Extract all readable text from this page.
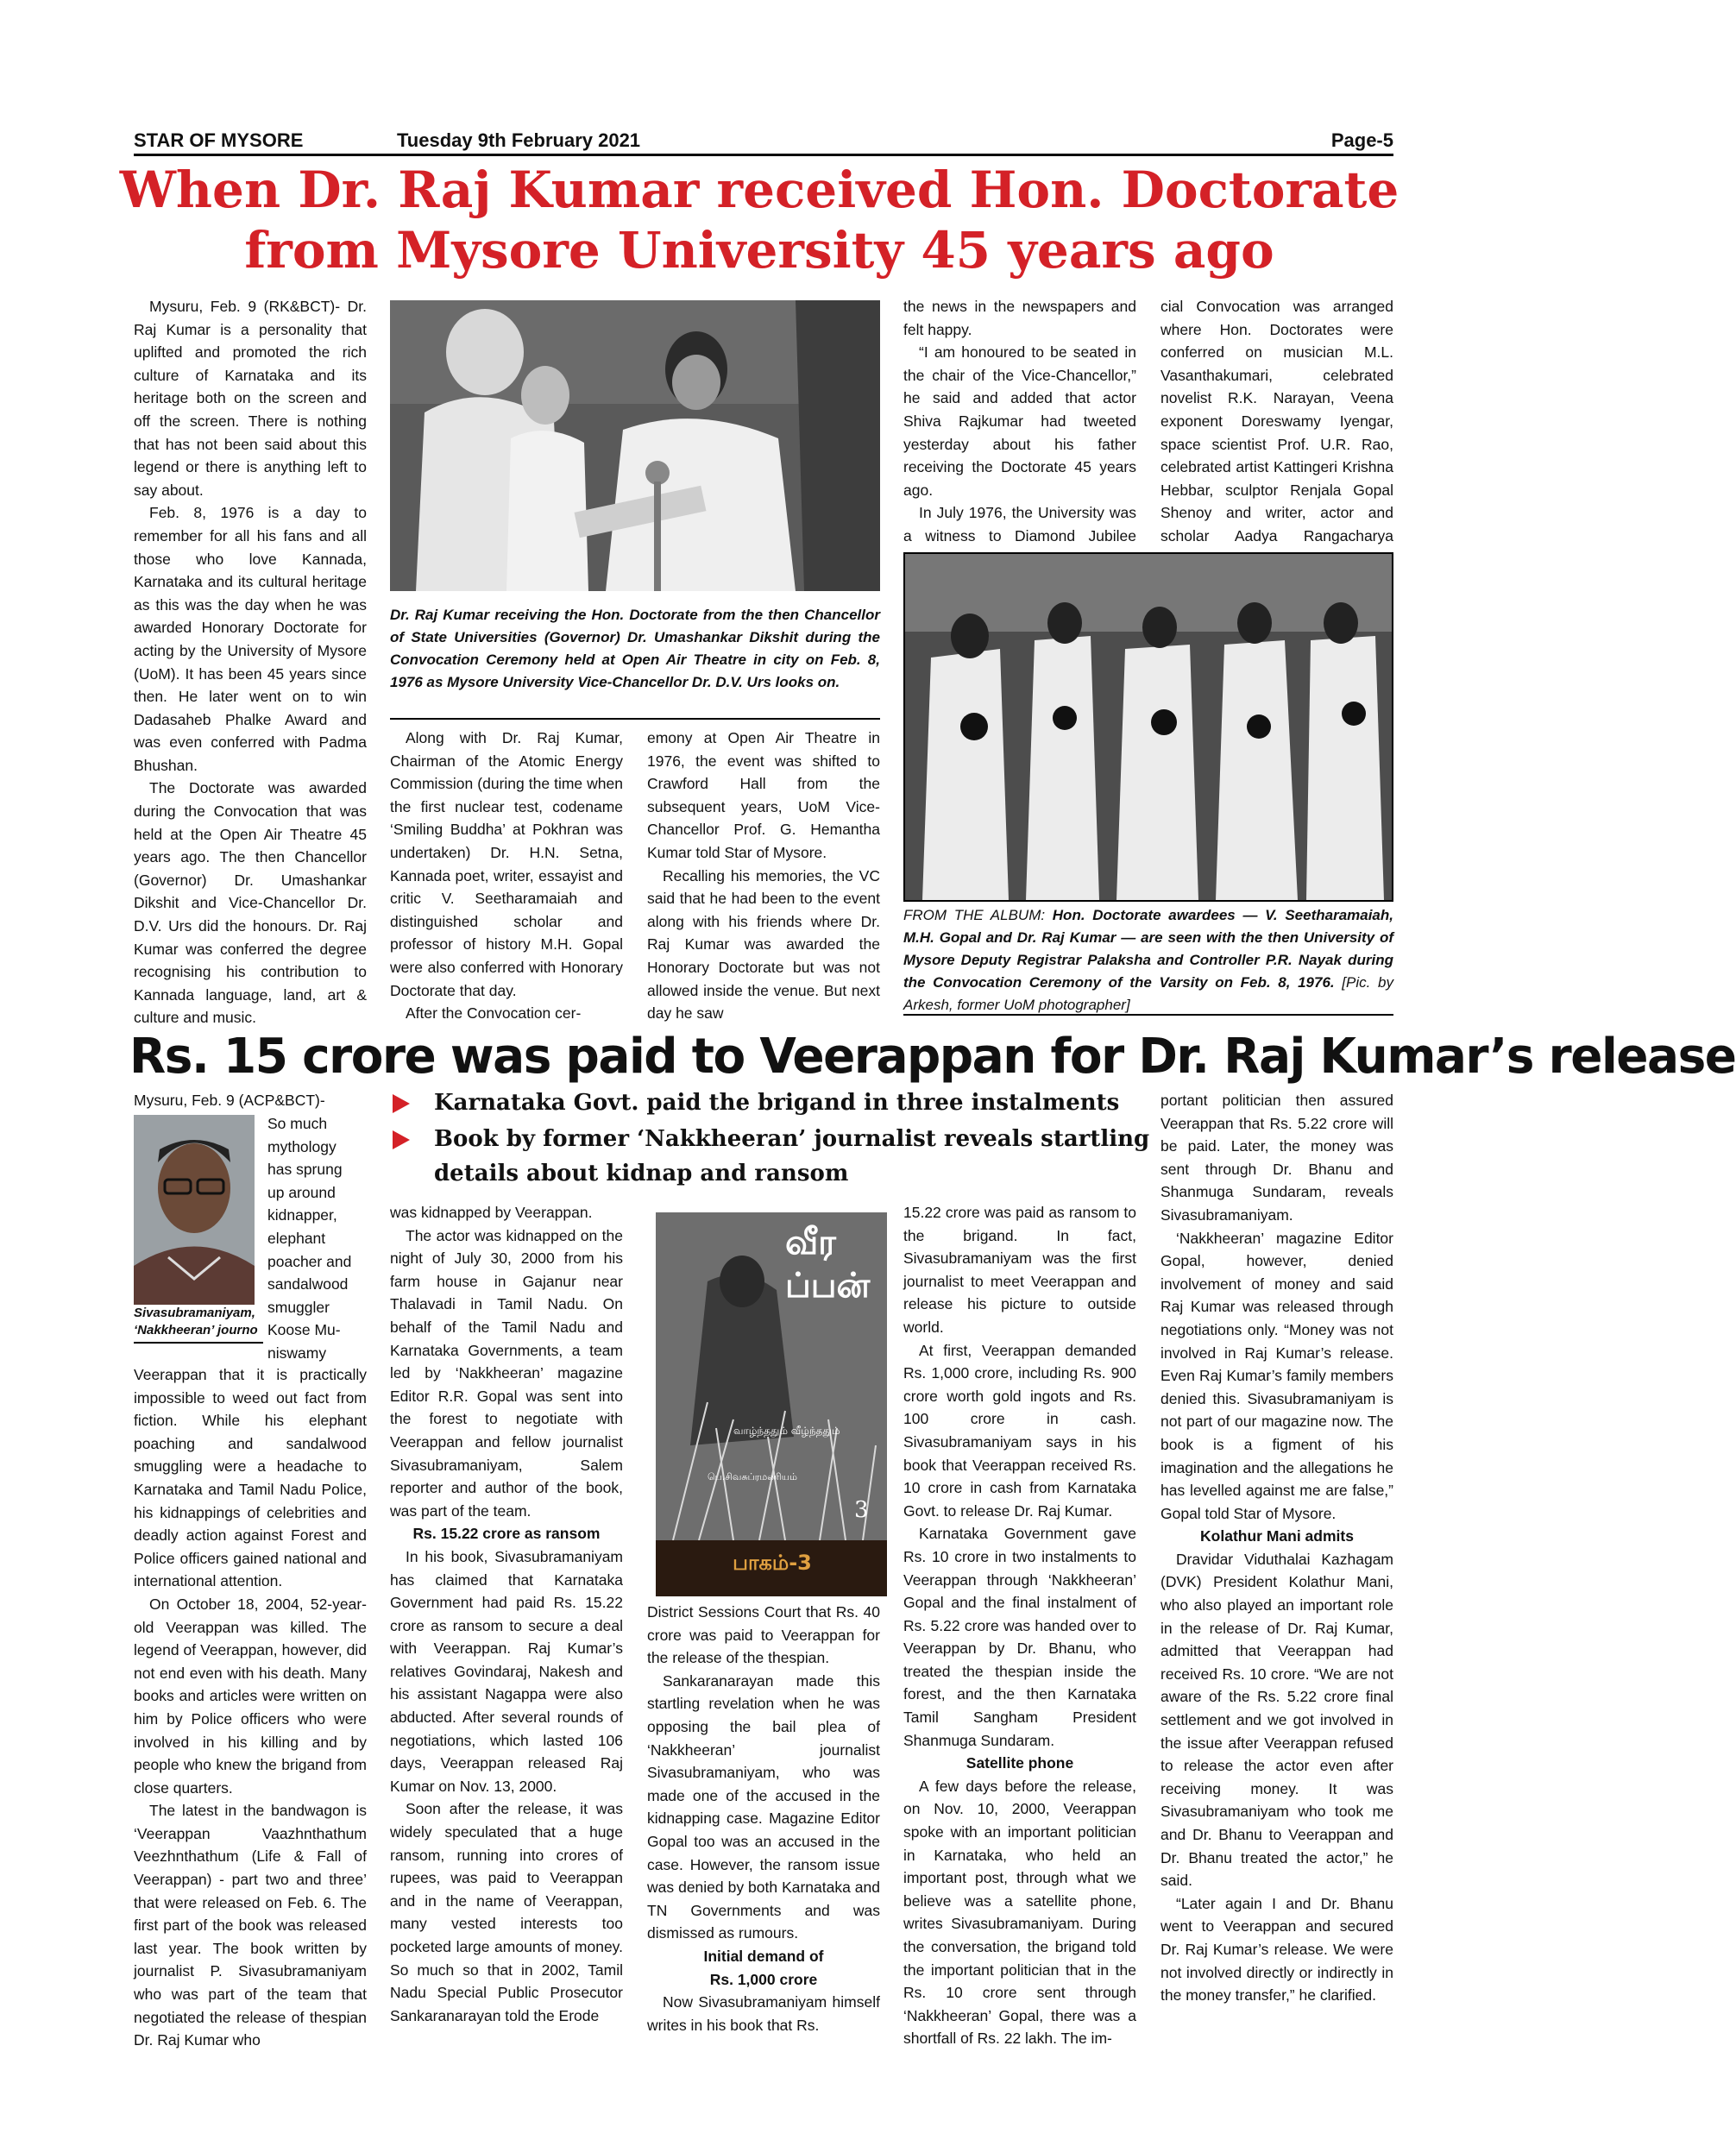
STAR OF MYSORE	Tuesday 9th February 2021	Page-5
When Dr. Raj Kumar received Hon. Doctorate
from Mysore University 45 years ago

Mysuru, Feb. 9 (RK&BCT)- Dr. Raj Kumar is a personality that uplifted and promoted the rich culture of Karnataka and its heritage both on the screen and off the screen. There is nothing that has not been said about this legend or there is anything left to say about.

Feb. 8, 1976 is a day to remember for all his fans and all those who love Kannada, Karnataka and its cultural heritage as this was the day when he was awarded Honorary Doctorate for acting by the University of Mysore (UoM). It has been 45 years since then. He later went on to win Dadasaheb Phalke Award and was even conferred with Padma Bhushan.

The Doctorate was awarded during the Convocation that was held at the Open Air Theatre 45 years ago. The then Chancellor (Governor) Dr. Umashankar Dikshit and Vice-Chancellor Dr. D.V. Urs did the honours. Dr. Raj Kumar was conferred the degree recognising his contribution to Kannada language, land, art & culture and music.

Dr. Raj Kumar receiving the Hon. Doctorate from the then Chancellor of State Universities (Governor) Dr. Umashankar Dikshit during the Convocation Ceremony held at Open Air Theatre in city on Feb. 8, 1976 as Mysore University Vice-Chancellor Dr. D.V. Urs looks on.

Along with Dr. Raj Kumar, Chairman of the Atomic Energy Commission (during the time when the first nuclear test, codename ‘Smiling Buddha’ at Pokhran was undertaken) Dr. H.N. Setna, Kannada poet, writer, essayist and critic V. Seetharamaiah and distinguished scholar and professor of history M.H. Gopal were also conferred with Honorary Doctorate that day.

After the Convocation cer-

emony at Open Air Theatre in 1976, the event was shifted to Crawford Hall from the subsequent years, UoM Vice-Chancellor Prof. G. Hemantha Kumar told Star of Mysore.

Recalling his memories, the VC said that he had been to the event along with his friends where Dr. Raj Kumar was awarded the Honorary Doctorate but was not allowed inside the venue. But next day he saw

the news in the newspapers and felt happy.

“I am honoured to be seated in the chair of the Vice-Chancellor,” he said and added that actor Shiva Rajkumar had tweeted yesterday about his father receiving the Doctorate 45 years ago.

In July 1976, the University was a witness to Diamond Jubilee

cial Convocation was arranged where Hon. Doctorates were conferred on musician M.L. Vasanthakumari, celebrated novelist R.K. Narayan, Veena exponent Doreswamy Iyengar, space scientist Prof. U.R. Rao, celebrated artist Kattingeri Krishna Hebbar, sculptor Renjala Gopal Shenoy and writer, actor and scholar Aadya Rangacharya

FROM THE ALBUM: Hon. Doctorate awardees — V. Seetharamaiah, M.H. Gopal and Dr. Raj Kumar — are seen with the then University of Mysore Deputy Registrar Palaksha and Controller P.R. Nayak during the Convocation Ceremony of the Varsity on Feb. 8, 1976. [Pic. by Arkesh, former UoM photographer]
Rs. 15 crore was paid to Veerappan for Dr. Raj Kumar’s release
Karnataka Govt. paid the brigand in three instalments
Book by former ‘Nakkheeran’ journalist reveals startling
details about kidnap and ransom
Sivasubramaniyam,
‘Nakkheeran’ journo
Mysuru, Feb. 9 (ACP&BCT)-
So much
mythology
has sprung
up around
kidnapper,
elephant
poacher and
sandalwood
smuggler
Koose Mu-
niswamy

Veerappan that it is practically impossible to weed out fact from fiction. While his elephant poaching and sandalwood smuggling were a headache to Karnataka and Tamil Nadu Police, his kidnappings of celebrities and deadly action against Forest and Police officers gained national and international attention.

On October 18, 2004, 52-year-old Veerappan was killed. The legend of Veerappan, however, did not end even with his death. Many books and articles were written on him by Police officers who were involved in his killing and by people who knew the brigand from close quarters.

The latest in the bandwagon is ‘Veerappan Vaazhnthathum Veezhnthathum (Life & Fall of Veerappan) - part two and three’ that were released on Feb. 6. The first part of the book was released last year. The book written by journalist P. Sivasubramaniyam who was part of the team that negotiated the release of thespian Dr. Raj Kumar who

was kidnapped by Veerappan.

The actor was kidnapped on the night of July 30, 2000 from his farm house in Gajanur near Thalavadi in Tamil Nadu. On behalf of the Tamil Nadu and Karnataka Governments, a team led by ‘Nakkheeran’ magazine Editor R.R. Gopal was sent into the forest to negotiate with Veerappan and fellow journalist Sivasubramaniyam, Salem reporter and author of the book, was part of the team.

Rs. 15.22 crore as ransom

In his book, Sivasubramaniyam has claimed that Karnataka Government had paid Rs. 15.22 crore as ransom to secure a deal with Veerappan. Raj Kumar’s relatives Govindaraj, Nakesh and his assistant Nagappa were also abducted. After several rounds of negotiations, which lasted 106 days, Veerappan released Raj Kumar on Nov. 13, 2000.

Soon after the release, it was widely speculated that a huge ransom, running into crores of rupees, was paid to Veerappan and in the name of Veerappan, many vested interests too pocketed large amounts of money. So much so that in 2002, Tamil Nadu Special Public Prosecutor Sankaranarayan told the Erode

வீரப்பன்
வாழ்ந்ததும் வீழ்ந்ததும்
பெ.சிவசுப்ரமணியம்
3
பாகம்-3

District Sessions Court that Rs. 40 crore was paid to Veerappan for the release of the thespian.

Sankaranarayan made this startling revelation when he was opposing the bail plea of ‘Nakkheeran’ journalist Sivasubramaniyam, who was made one of the accused in the kidnapping case. Magazine Editor Gopal too was an accused in the case. However, the ransom issue was denied by both Karnataka and TN Governments and was dismissed as rumours.

Initial demand of

Rs. 1,000 crore

Now Sivasubramaniyam himself writes in his book that Rs.

15.22 crore was paid as ransom to the brigand. In fact, Sivasubramaniyam was the first journalist to meet Veerappan and release his picture to outside world.

At first, Veerappan demanded Rs. 1,000 crore, including Rs. 900 crore worth gold ingots and Rs. 100 crore in cash. Sivasubramaniyam says in his book that Veerappan received Rs. 10 crore in cash from Karnataka Govt. to release Dr. Raj Kumar.

Karnataka Government gave Rs. 10 crore in two instalments to Veerappan through ‘Nakkheeran’ Gopal and the final instalment of Rs. 5.22 crore was handed over to Veerappan by Dr. Bhanu, who treated the thespian inside the forest, and the then Karnataka Tamil Sangham President Shanmuga Sundaram.

Satellite phone

A few days before the release, on Nov. 10, 2000, Veerappan spoke with an important politician in Karnataka, who held an important post, through what we believe was a satellite phone, writes Sivasubramaniyam. During the conversation, the brigand told the important politician that in the Rs. 10 crore sent through ‘Nakkheeran’ Gopal, there was a shortfall of Rs. 22 lakh. The im-

portant politician then assured Veerappan that Rs. 5.22 crore will be paid. Later, the money was sent through Dr. Bhanu and Shanmuga Sundaram, reveals Sivasubramaniyam.

‘Nakkheeran’ magazine Editor Gopal, however, denied involvement of money and said Raj Kumar was released through negotiations only. “Money was not involved in Raj Kumar’s release. Even Raj Kumar’s family members denied this. Sivasubramaniyam is not part of our magazine now. The book is a figment of his imagination and the allegations he has levelled against me are false,” Gopal told Star of Mysore.

Kolathur Mani admits

Dravidar Viduthalai Kazhagam (DVK) President Kolathur Mani, who also played an important role in the release of Dr. Raj Kumar, admitted that Veerappan had received Rs. 10 crore. “We are not aware of the Rs. 5.22 crore final settlement and we got involved in the issue after Veerappan refused to release the actor even after receiving money. It was Sivasubramaniyam who took me and Dr. Bhanu to Veerappan and Dr. Bhanu treated the actor,” he said.

“Later again I and Dr. Bhanu went to Veerappan and secured Dr. Raj Kumar’s release. We were not involved directly or indirectly in the money transfer,” he clarified.
